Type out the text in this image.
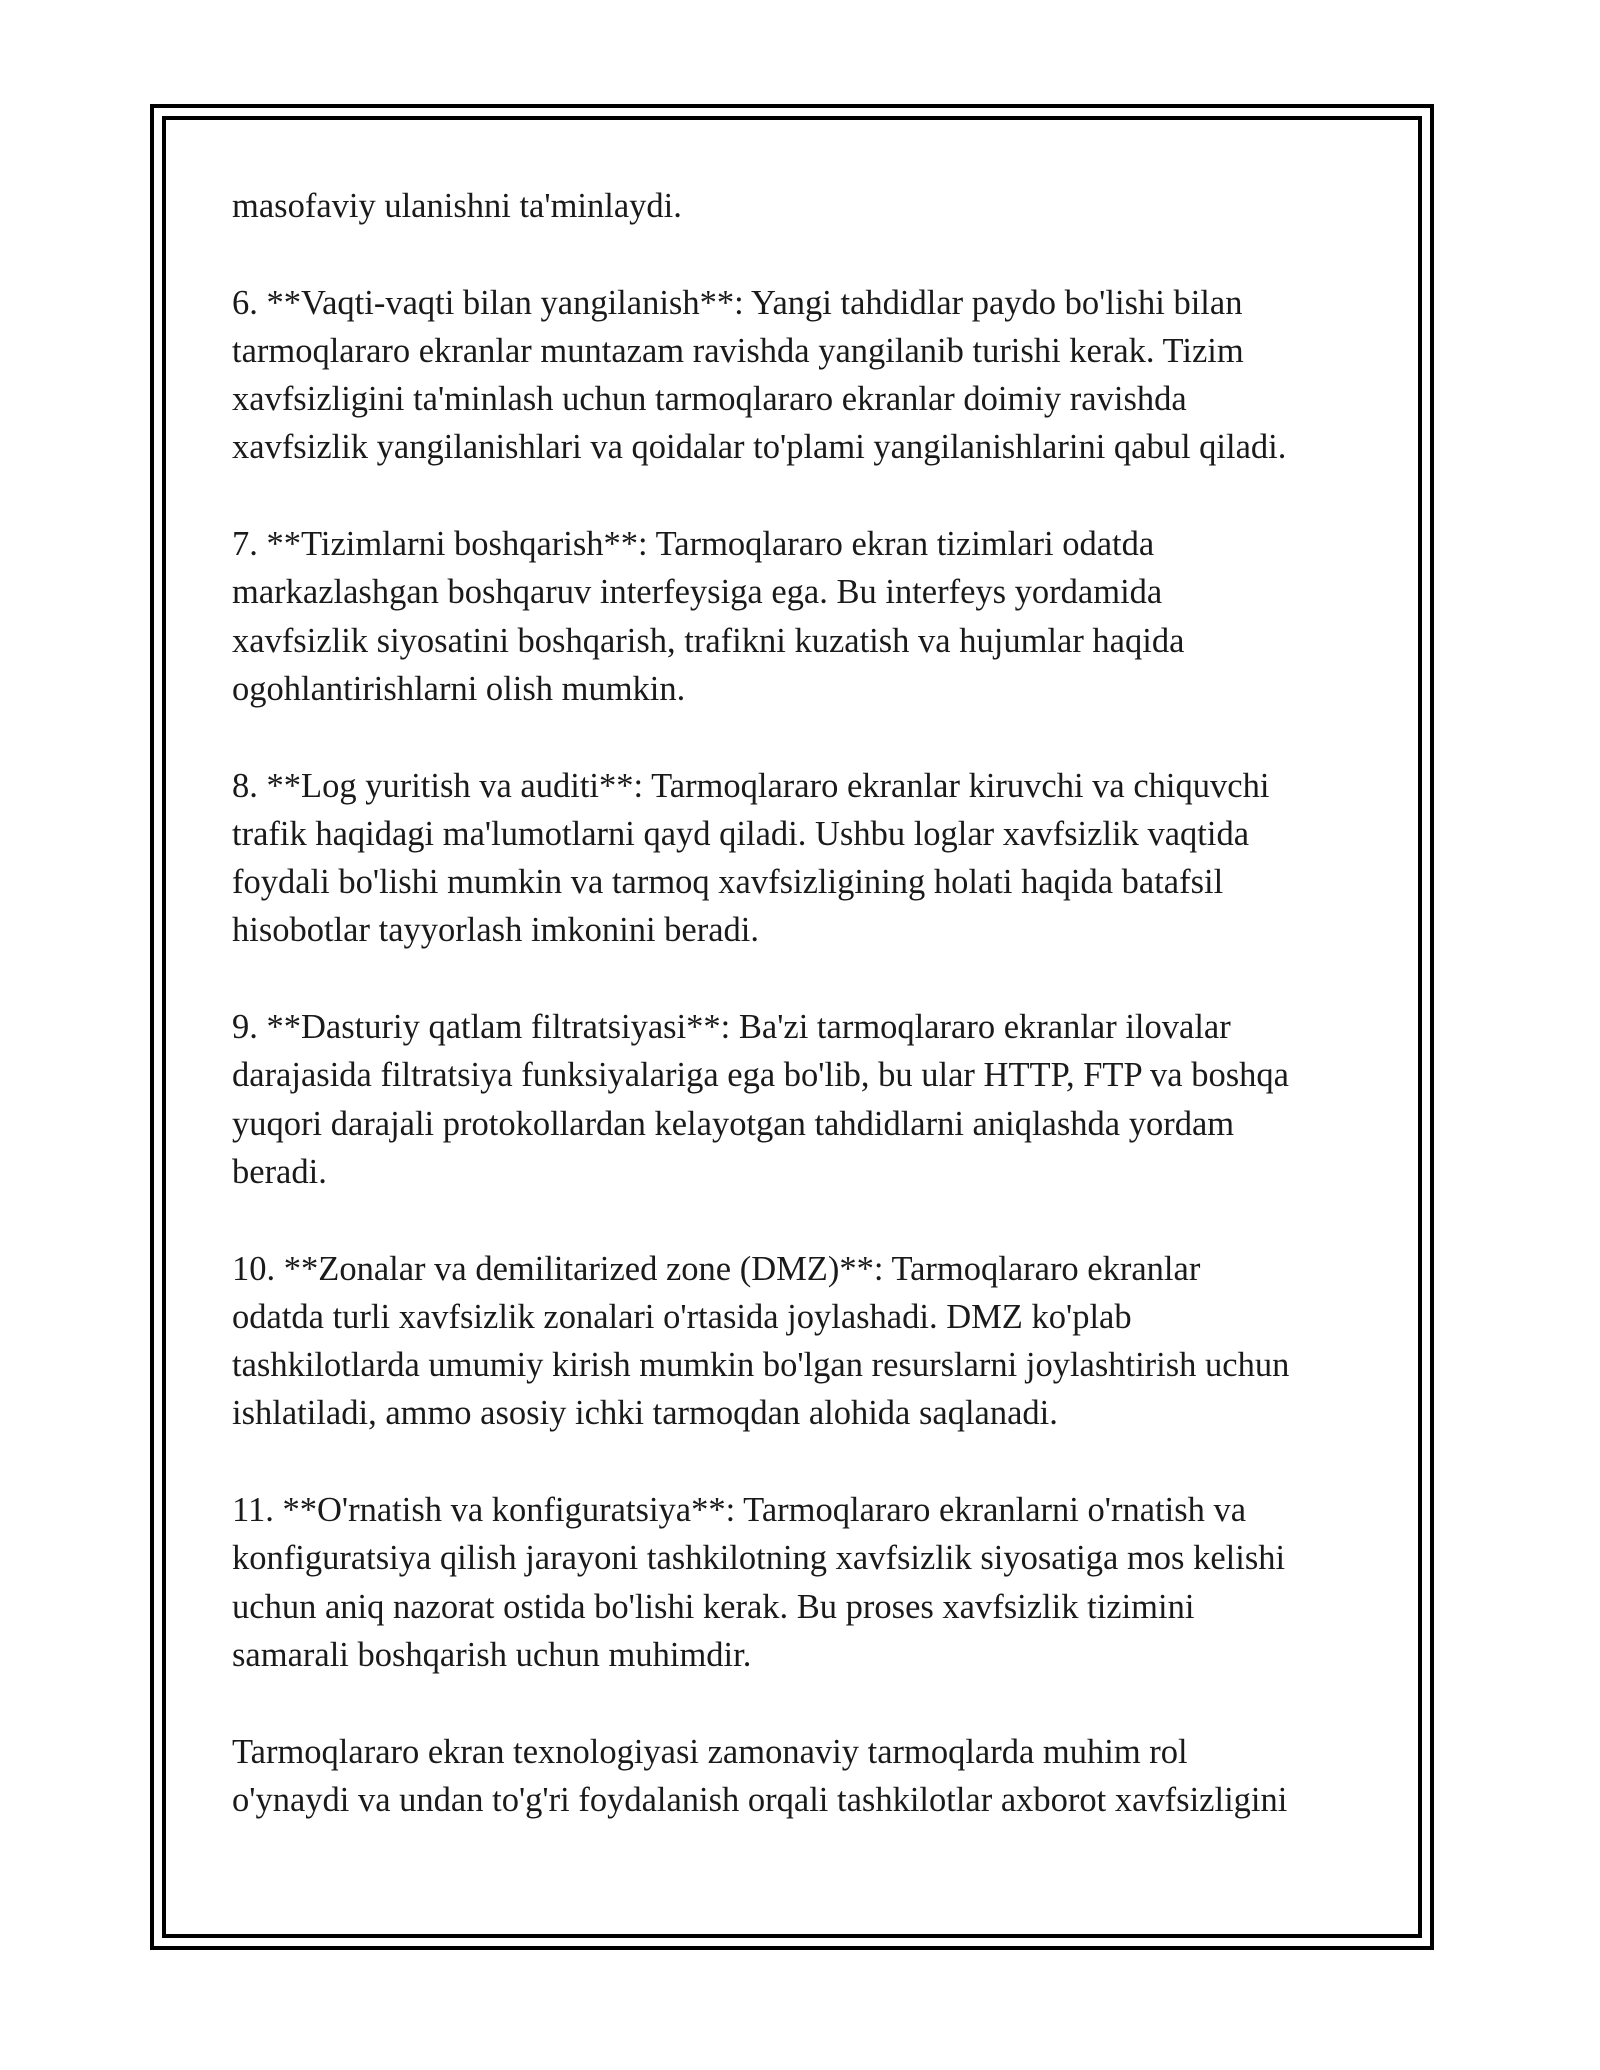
masofaviy ulanishni ta'minlaydi.

6. **Vaqti-vaqti bilan yangilanish**: Yangi tahdidlar paydo bo'lishi bilan
tarmoqlararo ekranlar muntazam ravishda yangilanib turishi kerak. Tizim
xavfsizligini ta'minlash uchun tarmoqlararo ekranlar doimiy ravishda
xavfsizlik yangilanishlari va qoidalar to'plami yangilanishlarini qabul qiladi.

7. **Tizimlarni boshqarish**: Tarmoqlararo ekran tizimlari odatda
markazlashgan boshqaruv interfeysiga ega. Bu interfeys yordamida
xavfsizlik siyosatini boshqarish, trafikni kuzatish va hujumlar haqida
ogohlantirishlarni olish mumkin.

8. **Log yuritish va auditi**: Tarmoqlararo ekranlar kiruvchi va chiquvchi
trafik haqidagi ma'lumotlarni qayd qiladi. Ushbu loglar xavfsizlik vaqtida
foydali bo'lishi mumkin va tarmoq xavfsizligining holati haqida batafsil
hisobotlar tayyorlash imkonini beradi.

9. **Dasturiy qatlam filtratsiyasi**: Ba'zi tarmoqlararo ekranlar ilovalar
darajasida filtratsiya funksiyalariga ega bo'lib, bu ular HTTP, FTP va boshqa
yuqori darajali protokollardan kelayotgan tahdidlarni aniqlashda yordam
beradi.

10. **Zonalar va demilitarized zone (DMZ)**: Tarmoqlararo ekranlar
odatda turli xavfsizlik zonalari o'rtasida joylashadi. DMZ ko'plab
tashkilotlarda umumiy kirish mumkin bo'lgan resurslarni joylashtirish uchun
ishlatiladi, ammo asosiy ichki tarmoqdan alohida saqlanadi.

11. **O'rnatish va konfiguratsiya**: Tarmoqlararo ekranlarni o'rnatish va
konfiguratsiya qilish jarayoni tashkilotning xavfsizlik siyosatiga mos kelishi
uchun aniq nazorat ostida bo'lishi kerak. Bu proses xavfsizlik tizimini
samarali boshqarish uchun muhimdir.

Tarmoqlararo ekran texnologiyasi zamonaviy tarmoqlarda muhim rol
o'ynaydi va undan to'g'ri foydalanish orqali tashkilotlar axborot xavfsizligini
